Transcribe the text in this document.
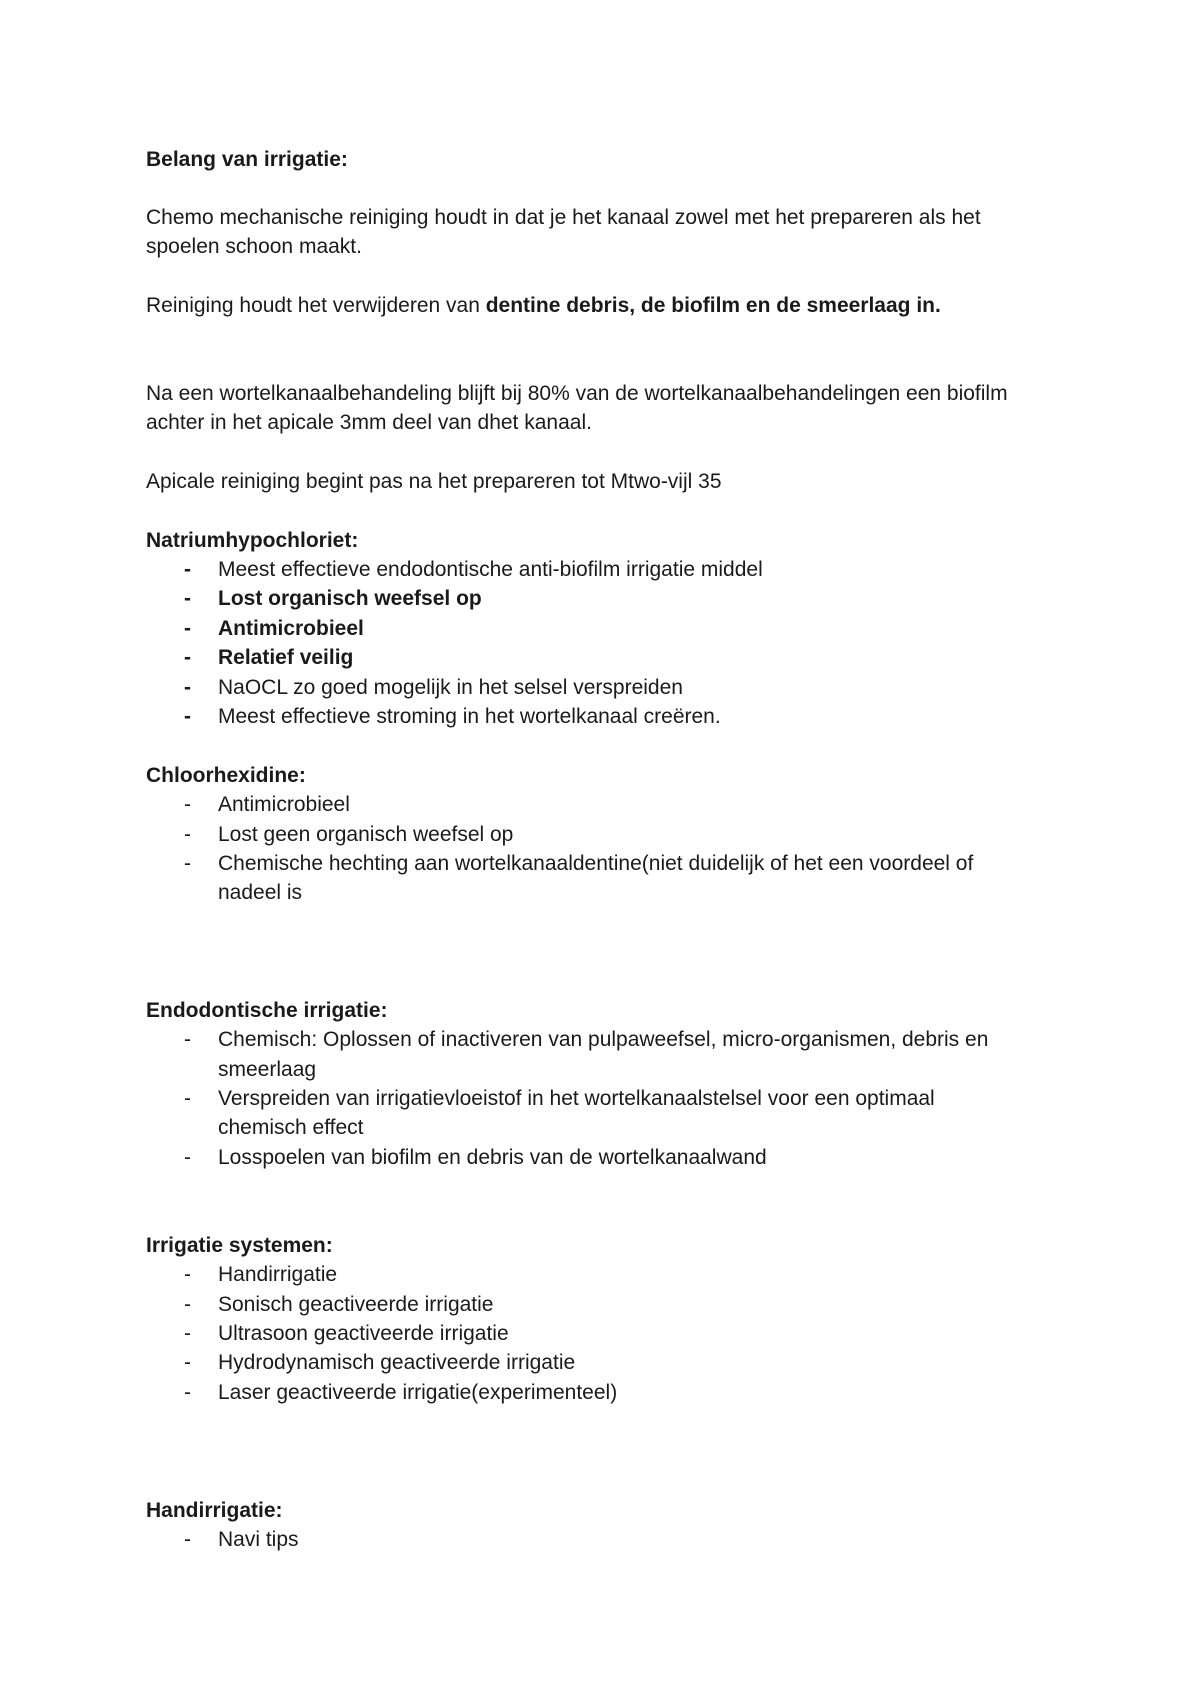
Belang van irrigatie:
Chemo mechanische reiniging houdt in dat je het kanaal zowel met het prepareren als het
spoelen schoon maakt.
Reiniging houdt het verwijderen van dentine debris, de biofilm en de smeerlaag in.
Na een wortelkanaalbehandeling blijft bij 80% van de wortelkanaalbehandelingen een biofilm
achter in het apicale 3mm deel van dhet kanaal.
Apicale reiniging begint pas na het prepareren tot Mtwo-vijl 35
Natriumhypochloriet:
- Meest effectieve endodontische anti-biofilm irrigatie middel
- Lost organisch weefsel op
- Antimicrobieel
- Relatief veilig
- NaOCL zo goed mogelijk in het selsel verspreiden
- Meest effectieve stroming in het wortelkanaal creëren.
Chloorhexidine:
- Antimicrobieel
- Lost geen organisch weefsel op
- Chemische hechting aan wortelkanaaldentine(niet duidelijk of het een voordeel of
nadeel is
Endodontische irrigatie:
- Chemisch: Oplossen of inactiveren van pulpaweefsel, micro-organismen, debris en
smeerlaag
- Verspreiden van irrigatievloeistof in het wortelkanaalstelsel voor een optimaal
chemisch effect
- Losspoelen van biofilm en debris van de wortelkanaalwand
Irrigatie systemen:
- Handirrigatie
- Sonisch geactiveerde irrigatie
- Ultrasoon geactiveerde irrigatie
- Hydrodynamisch geactiveerde irrigatie
- Laser geactiveerde irrigatie(experimenteel)
Handirrigatie:
- Navi tips
